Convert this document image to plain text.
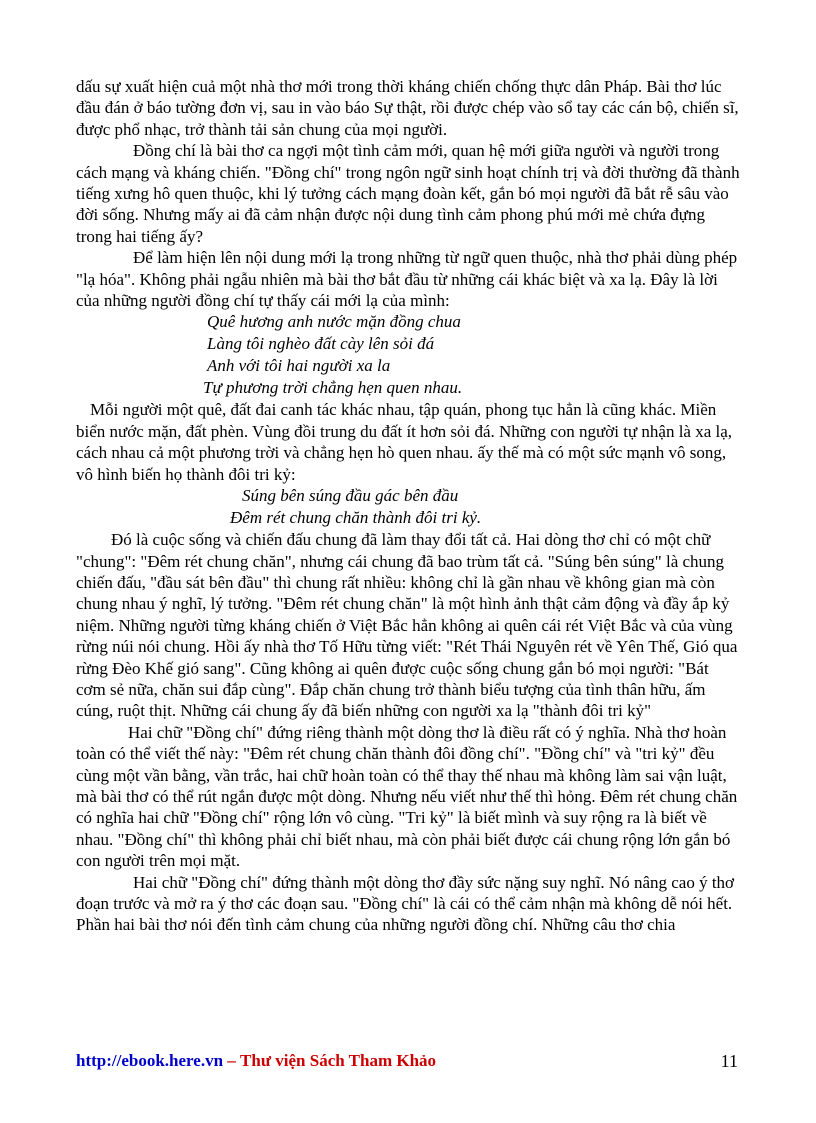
dấu sự xuất hiện cuả một nhà thơ mới trong thời kháng chiến chống thực dân Pháp. Bài thơ lúc đầu đán ở báo tường đơn vị, sau in vào báo Sự thật, rồi được chép vào sổ tay các cán bộ, chiến sĩ, được phổ nhạc, trở thành tải sản chung của mọi người.

Đồng chí là bài thơ ca ngợi một tình cảm mới, quan hệ mới giữa người và người trong cách mạng và kháng chiến. "Đồng chí" trong ngôn ngữ sinh hoạt chính trị và đời thường đã thành tiếng xưng hô quen thuộc, khi lý tưởng cách mạng đoàn kết, gắn bó mọi người đã bắt rễ sâu vào đời sống. Nhưng mấy ai đã cảm nhận được nội dung tình cảm phong phú mới mẻ chứa đựng trong hai tiếng ấy?

Để làm hiện lên nội dung mới lạ trong những từ ngữ quen thuộc, nhà thơ phải dùng phép "lạ hóa". Không phải ngẫu nhiên mà bài thơ bắt đầu từ những cái khác biệt và xa lạ. Đây là lời của những người đồng chí tự thấy cái mới lạ của mình:

Quê hương anh nước mặn đồng chua
Làng tôi nghèo đất cày lên sỏi đá
Anh với tôi hai người xa la
Tự phương trời chẳng hẹn quen nhau.

Mỗi người một quê, đất đai canh tác khác nhau, tập quán, phong tục hẳn là cũng khác. Miền biển nước mặn, đất phèn. Vùng đồi trung du đất ít hơn sỏi đá. Những con người tự nhận là xa lạ, cách nhau cả một phương trời và chẳng hẹn hò quen nhau. ấy thế mà có một sức mạnh vô song, vô hình biến họ thành đôi tri kỷ:

Súng bên súng đầu gác bên đầu
Đêm rét chung chăn thành đôi tri kỷ.

Đó là cuộc sống và chiến đấu chung đã làm thay đổi tất cả. Hai dòng thơ chỉ có một chữ "chung": "Đêm rét chung chăn", nhưng cái chung đã bao trùm tất cả. "Súng bên súng" là chung chiến đấu, "đầu sát bên đầu" thì chung rất nhiều: không chỉ là gần nhau về không gian mà còn chung nhau ý nghĩ, lý tưởng. "Đêm rét chung chăn" là một hình ảnh thật cảm động và đầy ắp kỷ niệm. Những người từng kháng chiến ở Việt Bắc hẳn không ai quên cái rét Việt Bắc và của vùng rừng núi nói chung. Hồi ấy nhà thơ Tố Hữu từng viết: "Rét Thái Nguyên rét về Yên Thế, Gió qua rừng Đèo Khế gió sang". Cũng không ai quên được cuộc sống chung gắn bó mọi người: "Bát cơm sẻ nữa, chăn sui đắp cùng". Đắp chăn chung trở thành biểu tượng của tình thân hữu, ấm cúng, ruột thịt. Những cái chung ấy đã biến những con người xa lạ "thành đôi tri kỷ"

Hai chữ "Đồng chí" đứng riêng thành một dòng thơ là điều rất có ý nghĩa. Nhà thơ hoàn toàn có thể viết thế này: "Đêm rét chung chăn thành đôi đồng chí". "Đồng chí" và "tri kỷ" đều cùng một vần bằng, vần trắc, hai chữ hoàn toàn có thể thay thế nhau mà không làm sai vận luật, mà bài thơ có thể rút ngắn được một dòng. Nhưng nếu viết như thế thì hỏng. Đêm rét chung chăn có nghĩa hai chữ "Đồng chí" rộng lớn vô cùng. "Tri kỷ" là biết mình và suy rộng ra là biết về nhau. "Đồng chí" thì không phải chỉ biết nhau, mà còn phải biết được cái chung rộng lớn gắn bó con người trên mọi mặt.

Hai chữ "Đồng chí" đứng thành một dòng thơ đầy sức nặng suy nghĩ. Nó nâng cao ý thơ đoạn trước và mở ra ý thơ các đoạn sau. "Đồng chí" là cái có thể cảm nhận mà không dễ nói hết.

Phần hai bài thơ nói đến tình cảm chung của những người đồng chí. Những câu thơ chia

http://ebook.here.vn – Thư viện Sách Tham Khảo	11
